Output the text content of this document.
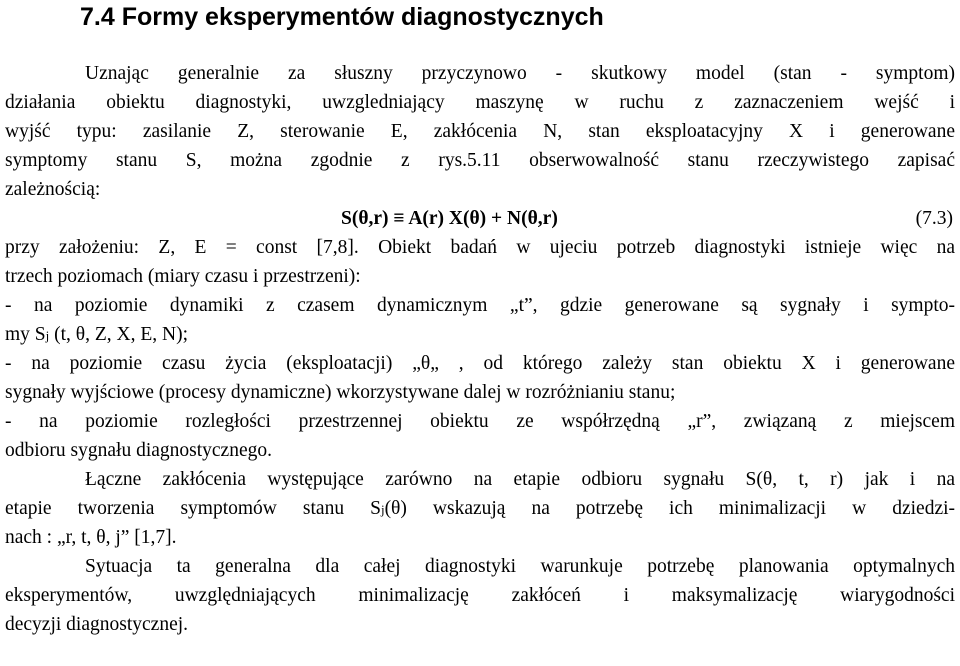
7.4 Formy eksperymentów diagnostycznych
Uznając generalnie za słuszny przyczynowo - skutkowy model (stan - symptom)
działania obiektu diagnostyki, uwzgledniający maszynę w ruchu z zaznaczeniem wejść i
wyjść typu: zasilanie Z, sterowanie E, zakłócenia N, stan eksploatacyjny X i generowane
symptomy stanu S, można zgodnie z rys.5.11 obserwowalność stanu rzeczywistego zapisać
zależnością:
S(θ,r) ≡ A(r) X(θ) + N(θ,r)	(7.3)
przy założeniu: Z, E = const [7,8]. Obiekt badań w ujeciu potrzeb diagnostyki istnieje więc na
trzech poziomach (miary czasu i przestrzeni):
- na poziomie dynamiki z czasem dynamicznym „t”, gdzie generowane są sygnały i sympto-
my Sj (t, θ, Z, X, E, N);
- na poziomie czasu życia (eksploatacji) „θ„ , od którego zależy stan obiektu X i generowane
sygnały wyjściowe (procesy dynamiczne) wkorzystywane dalej w rozróżnianiu stanu;
- na poziomie rozległości przestrzennej obiektu ze współrzędną „r”, związaną z miejscem
odbioru sygnału diagnostycznego.
Łączne zakłócenia występujące zarówno na etapie odbioru sygnału S(θ, t, r) jak i na
etapie tworzenia symptomów stanu Sj(θ) wskazują na potrzebę ich minimalizacji w dziedzi-
nach : „r, t, θ, j” [1,7].
Sytuacja ta generalna dla całej diagnostyki warunkuje potrzebę planowania optymalnych
eksperymentów, uwzględniających minimalizację zakłóceń i maksymalizację wiarygodności
decyzji diagnostycznej.
